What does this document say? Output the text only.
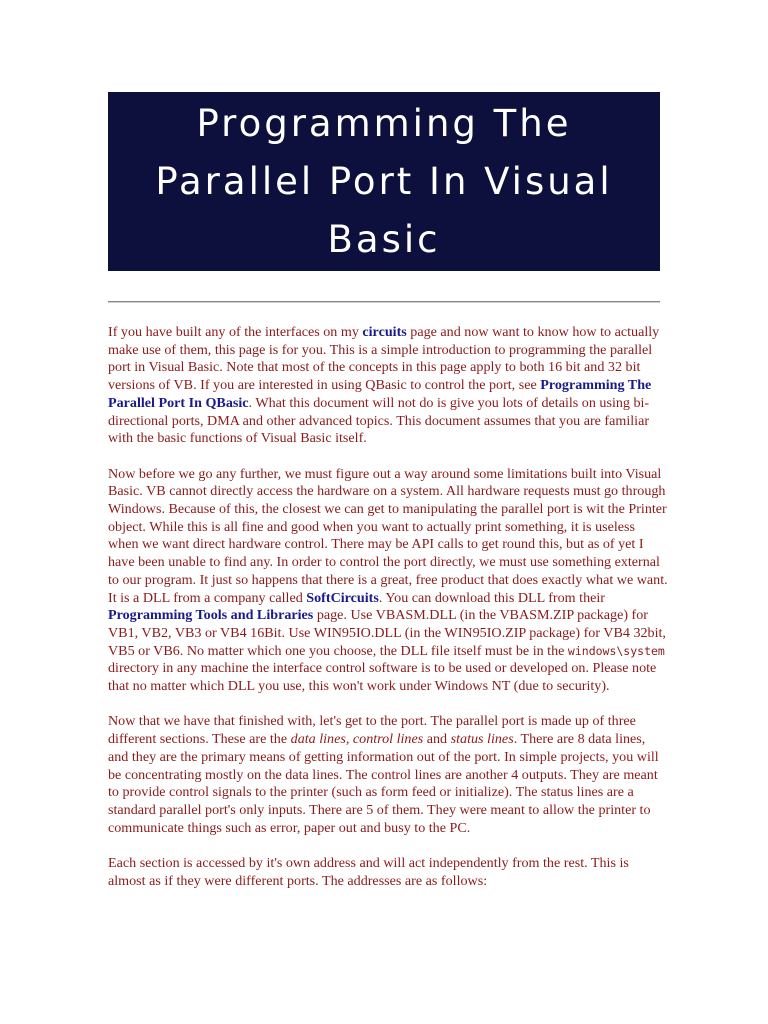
Programming The
Parallel Port In Visual
Basic

If you have built any of the interfaces on my circuits page and now want to know how to actually make use of them, this page is for you. This is a simple introduction to programming the parallel port in Visual Basic. Note that most of the concepts in this page apply to both 16 bit and 32 bit versions of VB. If you are interested in using QBasic to control the port, see Programming The Parallel Port In QBasic. What this document will not do is give you lots of details on using bi-directional ports, DMA and other advanced topics. This document assumes that you are familiar with the basic functions of Visual Basic itself.

Now before we go any further, we must figure out a way around some limitations built into Visual Basic. VB cannot directly access the hardware on a system. All hardware requests must go through Windows. Because of this, the closest we can get to manipulating the parallel port is wit the Printer object. While this is all fine and good when you want to actually print something, it is useless when we want direct hardware control. There may be API calls to get round this, but as of yet I have been unable to find any. In order to control the port directly, we must use something external to our program. It just so happens that there is a great, free product that does exactly what we want. It is a DLL from a company called SoftCircuits. You can download this DLL from their Programming Tools and Libraries page. Use VBASM.DLL (in the VBASM.ZIP package) for VB1, VB2, VB3 or VB4 16Bit. Use WIN95IO.DLL (in the WIN95IO.ZIP package) for VB4 32bit, VB5 or VB6. No matter which one you choose, the DLL file itself must be in the windows\system directory in any machine the interface control software is to be used or developed on. Please note that no matter which DLL you use, this won't work under Windows NT (due to security).

Now that we have that finished with, let's get to the port. The parallel port is made up of three different sections. These are the data lines, control lines and status lines. There are 8 data lines, and they are the primary means of getting information out of the port. In simple projects, you will be concentrating mostly on the data lines. The control lines are another 4 outputs. They are meant to provide control signals to the printer (such as form feed or initialize). The status lines are a standard parallel port's only inputs. There are 5 of them. They were meant to allow the printer to communicate things such as error, paper out and busy to the PC.

Each section is accessed by it's own address and will act independently from the rest. This is almost as if they were different ports. The addresses are as follows:
